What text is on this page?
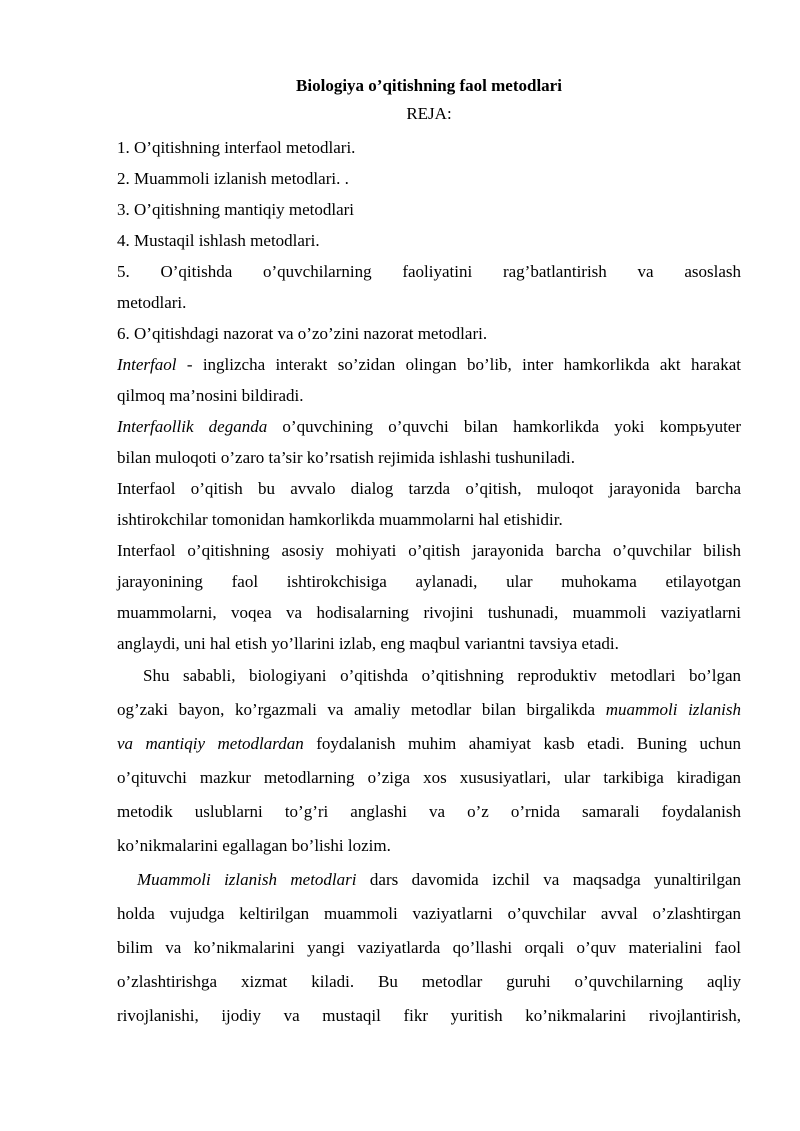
Biologiya o’qitishning faol metodlari

REJA:

1. O’qitishning interfaol metodlari.

2. Muammoli izlanish metodlari. .

3. O’qitishning mantiqiy metodlari

4. Mustaqil ishlash metodlari.

5. O’qitishda o’quvchilarning faoliyatini rag’batlantirish va asoslash

metodlari.

6. O’qitishdagi nazorat va o’zo’zini nazorat metodlari.

Interfaol - inglizcha interakt so’zidan olingan bo’lib, inter hamkorlikda akt harakat
qilmoq ma’nosini bildiradi.
Interfaollik deganda o’quvchining o’quvchi bilan hamkorlikda yoki kompьyuter
bilan muloqoti o’zaro ta’sir ko’rsatish rejimida ishlashi tushuniladi.
Interfaol o’qitish bu avvalo dialog tarzda o’qitish, muloqot jarayonida barcha
ishtirokchilar tomonidan hamkorlikda muammolarni hal etishidir.
Interfaol o’qitishning asosiy mohiyati o’qitish jarayonida barcha o’quvchilar bilish
jarayonining faol ishtirokchisiga aylanadi, ular muhokama etilayotgan
muammolarni, voqea va hodisalarning rivojini tushunadi, muammoli vaziyatlarni
anglaydi, uni hal etish yo’llarini izlab, eng maqbul variantni tavsiya etadi.
Shu sababli, biologiyani o’qitishda o’qitishning reproduktiv metodlari bo’lgan
og’zaki bayon, ko’rgazmali va amaliy metodlar bilan birgalikda muammoli izlanish
va mantiqiy metodlardan foydalanish muhim ahamiyat kasb etadi. Buning uchun
o’qituvchi mazkur metodlarning o’ziga xos xususiyatlari, ular tarkibiga kiradigan
metodik uslublarni to’g’ri anglashi va o’z o’rnida samarali foydalanish
ko’nikmalarini egallagan bo’lishi lozim.
Muammoli izlanish metodlari dars davomida izchil va maqsadga yunaltirilgan
holda vujudga keltirilgan muammoli vaziyatlarni o’quvchilar avval o’zlashtirgan
bilim va ko’nikmalarini yangi vaziyatlarda qo’llashi orqali o’quv materialini faol
o’zlashtirishga xizmat kiladi. Bu metodlar guruhi o’quvchilarning aqliy
rivojlanishi, ijodiy va mustaqil fikr yuritish ko’nikmalarini rivojlantirish,
